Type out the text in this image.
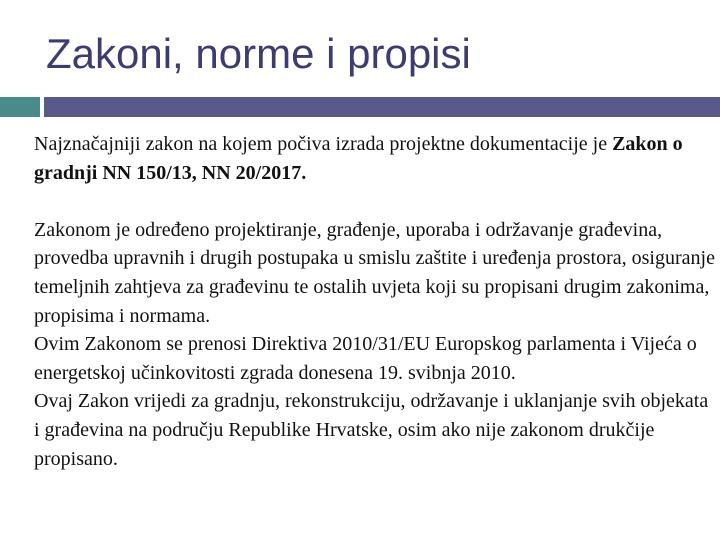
Zakoni, norme i propisi

Najznačajniji zakon na kojem počiva izrada projektne dokumentacije je Zakon o gradnji NN 150/13, NN 20/2017.

Zakonom je određeno projektiranje, građenje, uporaba i održavanje građevina, provedba upravnih i drugih postupaka u smislu zaštite i uređenja prostora, osiguranje temeljnih zahtjeva za građevinu te ostalih uvjeta koji su propisani drugim zakonima, propisima i normama.

Ovim Zakonom se prenosi Direktiva 2010/31/EU Europskog parlamenta i Vijeća o energetskoj učinkovitosti zgrada donesena 19. svibnja 2010.

Ovaj Zakon vrijedi za gradnju, rekonstrukciju, održavanje i uklanjanje svih objekata i građevina na području Republike Hrvatske, osim ako nije zakonom drukčije propisano.
